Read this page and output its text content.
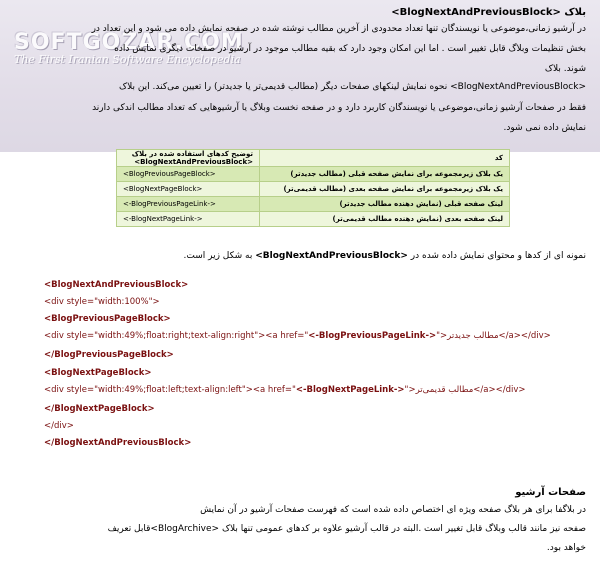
SOFTGOZAR.COM
The First Iranian Software Encyclopedia
بلاک <BlogNextAndPreviousBlock>
در آرشیو زمانی،موضوعی یا نویسندگان تنها تعداد محدودی از آخرین مطالب نوشته شده در صفحه نمایش داده می شود و این تعداد در
بخش تنظیمات وبلاگ قابل تغییر است . اما این امکان وجود دارد که بقیه مطالب موجود در آرشیو در صفحات دیگری نمایش داده
شوند. بلاک
<BlogNextAndPreviousBlock> نحوه نمایش لینکهای صفحات دیگر (مطالب قدیمی‌تر یا جدیدتر) را تعیین می‌کند. این بلاک
فقط در صفحات آرشیو زمانی،موضوعی یا نویسندگان کاربرد دارد و در صفحه نخست وبلاگ یا آرشیوهایی که تعداد مطالب اندکی دارند
نمایش داده نمی شود.
کد	توضیح کدهای استفاده شده در بلاک <BlogNextAndPreviousBlock>
یک بلاک زیرمجموعه برای نمایش صفحه قبلی (مطالب جدیدتر)	<BlogPreviousPageBlock>
یک بلاک زیرمجموعه برای نمایش صفحه بعدی (مطالب قدیمی‌تر)	<BlogNextPageBlock>
لینک صفحه قبلی (نمایش دهنده مطالب جدیدتر)	<-BlogPreviousPageLink->
لینک صفحه بعدی (نمایش دهنده مطالب قدیمی‌تر)	<-BlogNextPageLink->
نمونه ای از کدها و محتوای نمایش داده شده در <BlogNextAndPreviousBlock> به شکل زیر است.
<BlogNextAndPreviousBlock>
<div style="width:100%">
<BlogPreviousPageBlock>
<div style="width:49%;float:right;text-align:right"><a href="<-BlogPreviousPageLink->">مطالب جدیدتر</a></div>
</BlogPreviousPageBlock>
<BlogNextPageBlock>
<div style="width:49%;float:left;text-align:left"><a href="<-BlogNextPageLink->">مطالب قدیمی‌تر</a></div>
</BlogNextPageBlock>
</div>
</BlogNextAndPreviousBlock>
صفحات آرشیو
در بلاگفا برای هر بلاگ صفحه ویژه ای اختصاص داده شده است که فهرست صفحات آرشیو در آن نمایش
صفحه نیز مانند قالب وبلاگ قابل تغییر است .البته در قالب آرشیو علاوه بر کدهای عمومی تنها بلاک <BlogArchive>قابل تعریف
خواهد بود.
